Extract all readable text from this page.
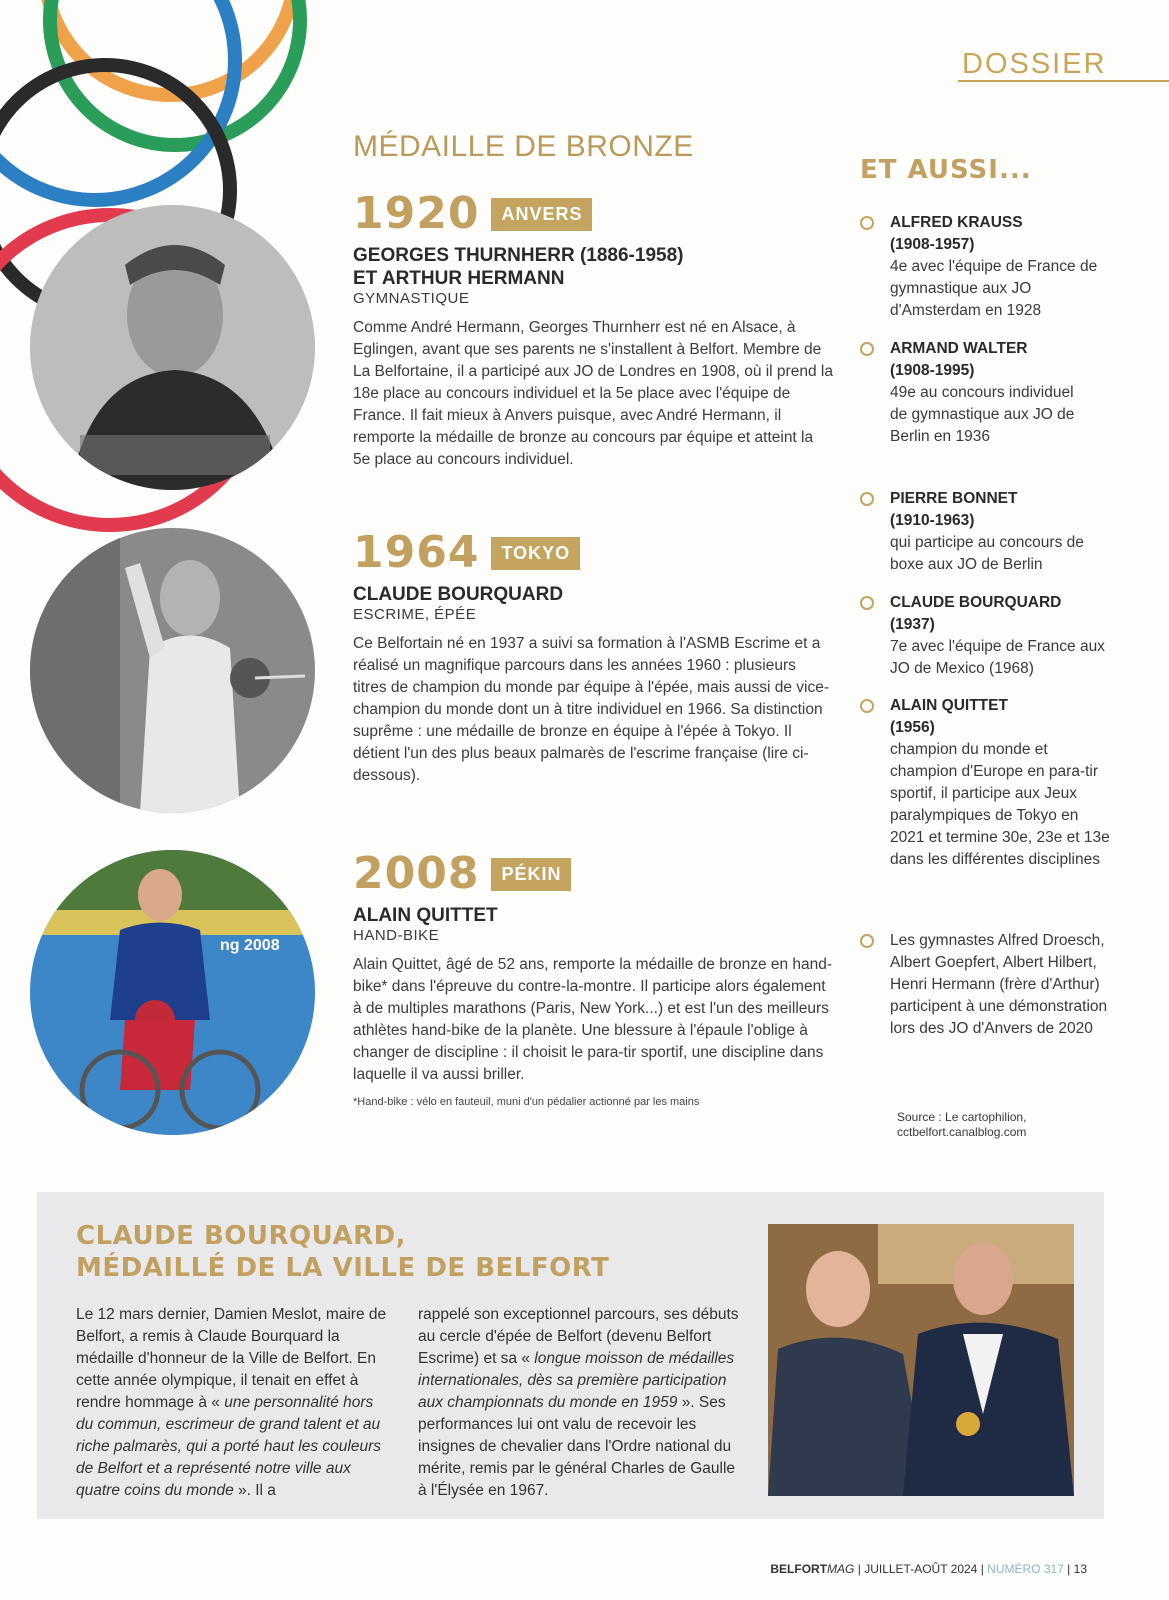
DOSSIER
MÉDAILLE DE BRONZE
ng 2008
1920	ANVERS
GEORGES THURNHERR (1886-1958)
ET ARTHUR HERMANN
GYMNASTIQUE
Comme André Hermann, Georges Thurnherr est né en Alsace, à Eglingen, avant que ses parents ne s'installent à Belfort. Membre de La Belfortaine, il a participé aux JO de Londres en 1908, où il prend la 18e place au concours individuel et la 5e place avec l'équipe de France. Il fait mieux à Anvers puisque, avec André Hermann, il remporte la médaille de bronze au concours par équipe et atteint la 5e place au concours individuel.
1964	TOKYO
CLAUDE BOURQUARD
ESCRIME, ÉPÉE
Ce Belfortain né en 1937 a suivi sa formation à l'ASMB Escrime et a réalisé un magnifique parcours dans les années 1960 : plusieurs titres de champion du monde par équipe à l'épée, mais aussi de vice-champion du monde dont un à titre individuel en 1966. Sa distinction suprême : une médaille de bronze en équipe à l'épée à Tokyo. Il détient l'un des plus beaux palmarès de l'escrime française (lire ci-dessous).
2008	PÉKIN
ALAIN QUITTET
HAND-BIKE
Alain Quittet, âgé de 52 ans, remporte la médaille de bronze en hand-bike* dans l'épreuve du contre-la-montre. Il participe alors également à de multiples marathons (Paris, New York...) et est l'un des meilleurs athlètes hand-bike de la planète. Une blessure à l'épaule l'oblige à changer de discipline : il choisit le para-tir sportif, une discipline dans laquelle il va aussi briller.
*Hand-bike : vélo en fauteuil, muni d'un pédalier actionné par les mains
ET AUSSI...
ALFRED KRAUSS
(1908-1957)
4e avec l'équipe de France de gymnastique aux JO d'Amsterdam en 1928
ARMAND WALTER
(1908-1995)
49e au concours individuel de gymnastique aux JO de Berlin en 1936
PIERRE BONNET
(1910-1963)
qui participe au concours de boxe aux JO de Berlin
CLAUDE BOURQUARD
(1937)
7e avec l'équipe de France aux JO de Mexico (1968)
ALAIN QUITTET
(1956)
champion du monde et champion d'Europe en para-tir sportif, il participe aux Jeux paralympiques de Tokyo en 2021 et termine 30e, 23e et 13e dans les différentes disciplines
Les gymnastes Alfred Droesch, Albert Goepfert, Albert Hilbert, Henri Hermann (frère d'Arthur) participent à une démonstration lors des JO d'Anvers de 2020
Source : Le cartophilion,
cctbelfort.canalblog.com
CLAUDE BOURQUARD,
MÉDAILLÉ DE LA VILLE DE BELFORT
Le 12 mars dernier, Damien Meslot, maire de Belfort, a remis à Claude Bourquard la médaille d'honneur de la Ville de Belfort. En cette année olympique, il tenait en effet à rendre hommage à « une personnalité hors du commun, escrimeur de grand talent et au riche palmarès, qui a porté haut les couleurs de Belfort et a représenté notre ville aux quatre coins du monde ». Il a
rappelé son exceptionnel parcours, ses débuts au cercle d'épée de Belfort (devenu Belfort Escrime) et sa « longue moisson de médailles internationales, dès sa première participation aux championnats du monde en 1959 ». Ses performances lui ont valu de recevoir les insignes de chevalier dans l'Ordre national du mérite, remis par le général Charles de Gaulle à l'Élysée en 1967.
BELFORTMAG | JUILLET-AOÛT 2024 | NUMÉRO 317 | 13
